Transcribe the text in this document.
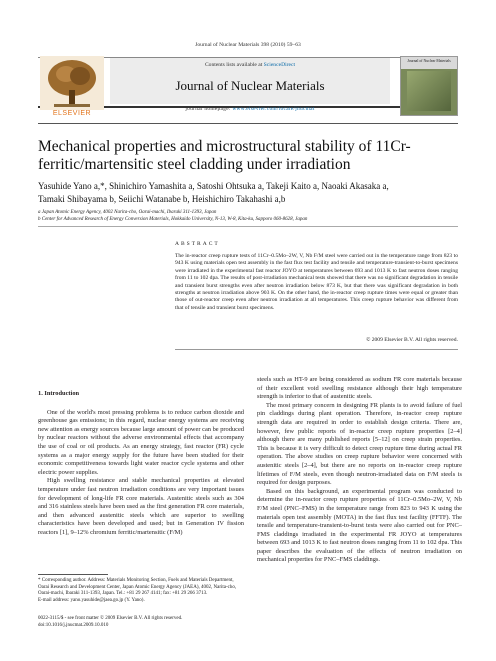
Journal of Nuclear Materials 398 (2010) 59–63
Contents lists available at ScienceDirect
Journal of Nuclear Materials
journal homepage: www.elsevier.com/locate/jnucmat
ELSEVIER
Journal of Nuclear Materials
Mechanical properties and microstructural stability of 11Cr-ferritic/martensitic steel cladding under irradiation
Yasuhide Yano a,*, Shinichiro Yamashita a, Satoshi Ohtsuka a, Takeji Kaito a, Naoaki Akasaka a,
Tamaki Shibayama b, Seiichi Watanabe b, Heishichiro Takahashi a,b
a Japan Atomic Energy Agency, 4002 Narita-cho, Oarai-machi, Ibaraki 311-1393, Japan
b Center for Advanced Research of Energy Conversion Materials, Hokkaido University, N-13, W-8, Kita-ku, Sapporo 060-8628, Japan
ABSTRACT
The in-reactor creep rupture tests of 11Cr–0.5Mo–2W, V, Nb F/M steel were carried out in the temperature range from 823 to 943 K using materials open test assembly in the fast flux test facility and tensile and temperature-transient-to-burst specimens were irradiated in the experimental fast reactor JOYO at temperatures between 693 and 1013 K to fast neutron doses ranging from 11 to 102 dpa. The results of post-irradiation mechanical tests showed that there was no significant degradation in tensile and transient burst strengths even after neutron irradiation below 873 K, but that there was significant degradation in both strengths at neutron irradiation above 903 K. On the other hand, the in-reactor creep rupture times were equal or greater than those of out-reactor creep even after neutron irradiation at all temperatures. This creep rupture behavior was different from that of tensile and transient burst specimens.
© 2009 Elsevier B.V. All rights reserved.
1. Introduction

One of the world's most pressing problems is to reduce carbon dioxide and greenhouse gas emissions; in this regard, nuclear energy systems are receiving new attention as energy sources because large amount of power can be produced by nuclear reactors without the adverse environmental effects that accompany the use of coal or oil products. As an energy strategy, fast reactor (FR) cycle systems as a major energy supply for the future have been studied for their economic competitiveness towards light water reactor cycle systems and other electric power supplies.

High swelling resistance and stable mechanical properties at elevated temperature under fast neutron irradiation conditions are very important issues for development of long-life FR core materials. Austenitic steels such as 304 and 316 stainless steels have been used as the first generation FR core materials, and then advanced austenitic steels which are superior to swelling characteristics have been developed and used; but in Generation IV fission reactors [1], 9–12% chromium ferritic/martensitic (F/M)

steels such as HT-9 are being considered as sodium FR core materials because of their excellent void swelling resistance although their high temperature strength is inferior to that of austenitic steels.

The most primary concern in designing FR plants is to avoid failure of fuel pin claddings during plant operation. Therefore, in-reactor creep rupture strength data are required in order to establish design criteria. There are, however, few public reports of in-reactor creep rupture properties [2–4] although there are many published reports [5–12] on creep strain properties. This is because it is very difficult to detect creep rupture time during actual FR operation. The above studies on creep rupture behavior were concerned with austenitic steels [2–4], but there are no reports on in-reactor creep rupture lifetimes of F/M steels, even though neutron-irradiated data on F/M steels is required for design purposes.

Based on this background, an experimental program was conducted to determine the in-reactor creep rupture properties of 11Cr–0.5Mo–2W, V, Nb F/M steel (PNC–FMS) in the temperature range from 823 to 943 K using the materials open test assembly (MOTA) in the fast flux test facility (FFTF). The tensile and temperature-transient-to-burst tests were also carried out for PNC–FMS claddings irradiated in the experimental FR JOYO at temperatures between 693 and 1013 K to fast neutron doses ranging from 11 to 102 dpa. This paper describes the evaluation of the effects of neutron irradiation on mechanical properties for PNC–FMS claddings.

* Corresponding author. Address: Materials Monitoring Section, Fuels and Materials Department, Oarai Research and Development Center, Japan Atomic Energy Agency (JAEA), 4002, Narita-cho, Oarai-machi, Ibaraki 311-1393, Japan. Tel.: +81 29 267 4141; fax: +81 29 266 3713.
E-mail address: yano.yasuhide@jaea.go.jp (Y. Yano).
0022-3115/$ - see front matter © 2009 Elsevier B.V. All rights reserved.
doi:10.1016/j.jnucmat.2009.10.010
